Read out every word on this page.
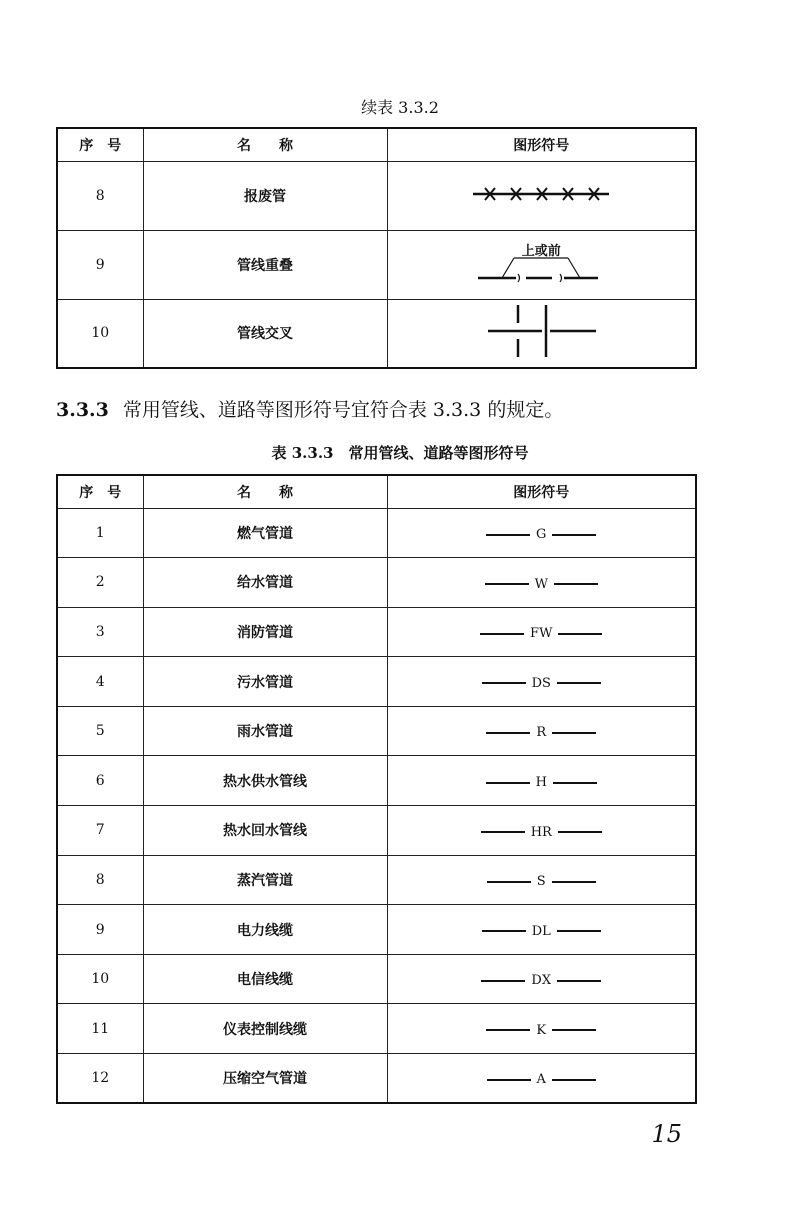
续表 3.3.2
序　号	名　　称	图形符号
8	报废管	
9	管线重叠	上或前

10	管线交叉	
3.3.3 常用管线、道路等图形符号宜符合表 3.3.3 的规定。
表 3.3.3　常用管线、道路等图形符号
序　号	名　　称	图形符号
1	燃气管道	G

2	给水管道	W

3	消防管道	FW

4	污水管道	DS

5	雨水管道	R

6	热水供水管线	H

7	热水回水管线	HR

8	蒸汽管道	S

9	电力线缆	DL

10	电信线缆	DX

11	仪表控制线缆	K

12	压缩空气管道	A
15
